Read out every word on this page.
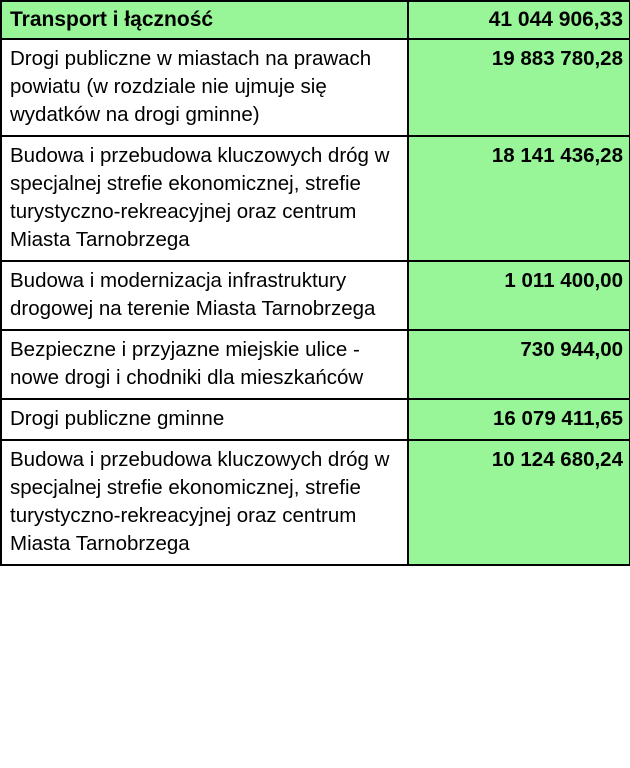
Transport i łączność	41 044 906,33
Drogi publiczne w miastach na prawach powiatu (w rozdziale nie ujmuje się wydatków na drogi gminne)	19 883 780,28
Budowa i przebudowa kluczowych dróg w specjalnej strefie ekonomicznej, strefie turystyczno-rekreacyjnej oraz centrum Miasta Tarnobrzega	18 141 436,28
Budowa i modernizacja infrastruktury drogowej na terenie Miasta Tarnobrzega	1 011 400,00
Bezpieczne i przyjazne miejskie ulice - nowe drogi i chodniki dla mieszkańców	730 944,00
Drogi publiczne gminne	16 079 411,65
Budowa i przebudowa kluczowych dróg w specjalnej strefie ekonomicznej, strefie turystyczno-rekreacyjnej oraz centrum Miasta Tarnobrzega	10 124 680,24
